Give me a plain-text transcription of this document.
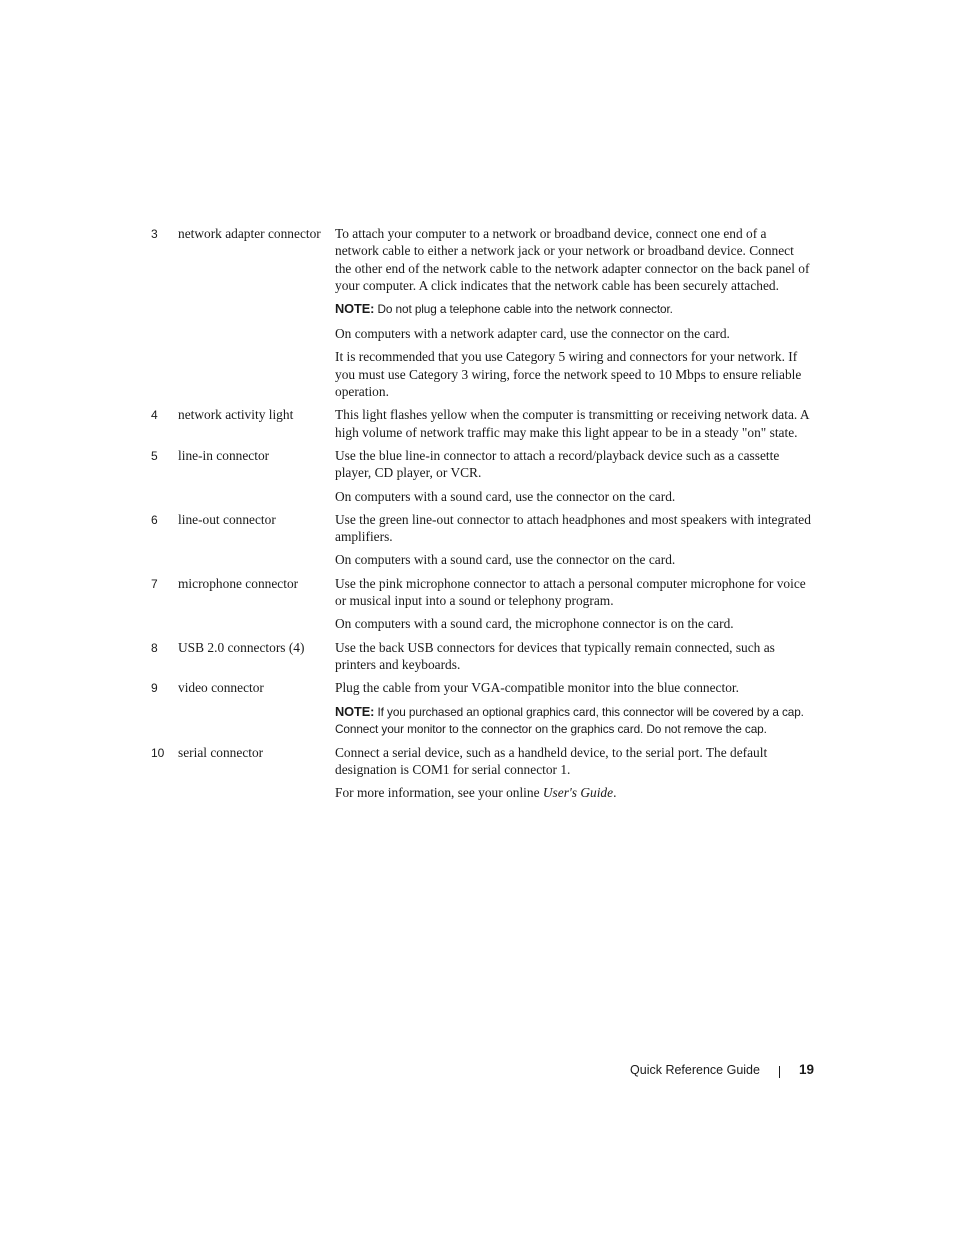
3	network adapter connector	To attach your computer to a network or broadband device, connect one end of a network cable to either a network jack or your network or broadband device. Connect the other end of the network cable to the network adapter connector on the back panel of your computer. A click indicates that the network cable has been securely attached.
NOTE: Do not plug a telephone cable into the network connector.
On computers with a network adapter card, use the connector on the card.
It is recommended that you use Category 5 wiring and connectors for your network. If you must use Category 3 wiring, force the network speed to 10 Mbps to ensure reliable operation.
4	network activity light	This light flashes yellow when the computer is transmitting or receiving network data. A high volume of network traffic may make this light appear to be in a steady "on" state.
5	line-in connector	Use the blue line-in connector to attach a record/playback device such as a cassette player, CD player, or VCR.
On computers with a sound card, use the connector on the card.
6	line-out connector	Use the green line-out connector to attach headphones and most speakers with integrated amplifiers.
On computers with a sound card, use the connector on the card.
7	microphone connector	Use the pink microphone connector to attach a personal computer microphone for voice or musical input into a sound or telephony program.
On computers with a sound card, the microphone connector is on the card.
8	USB 2.0 connectors (4)	Use the back USB connectors for devices that typically remain connected, such as printers and keyboards.
9	video connector	Plug the cable from your VGA-compatible monitor into the blue connector.
NOTE: If you purchased an optional graphics card, this connector will be covered by a cap. Connect your monitor to the connector on the graphics card. Do not remove the cap.
10	serial connector	Connect a serial device, such as a handheld device, to the serial port. The default designation is COM1 for serial connector 1.
For more information, see your online User's Guide.
Quick Reference Guide	19
